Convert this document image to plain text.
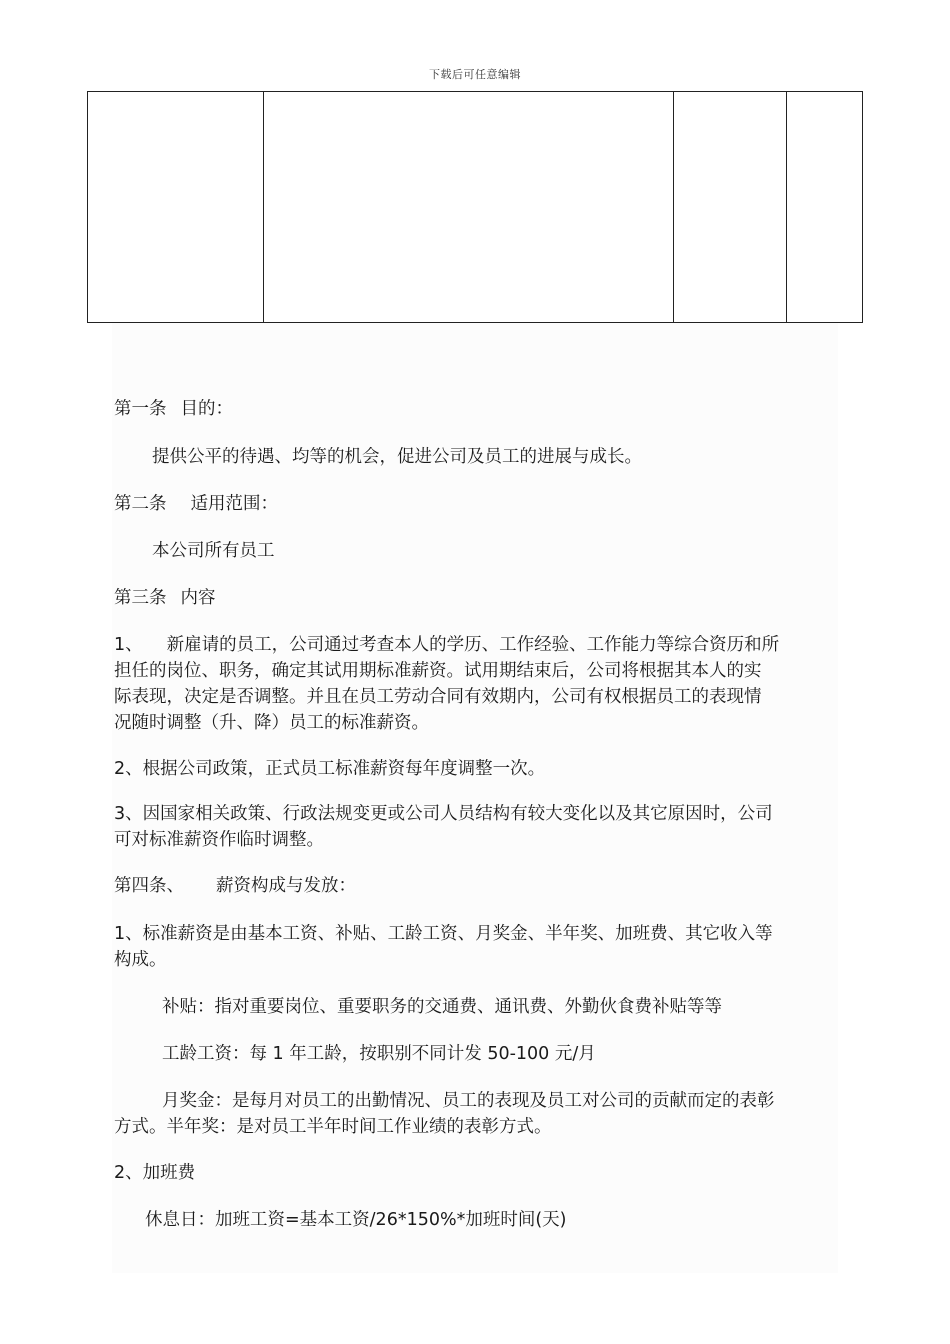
下载后可任意编辑
第一条 目的：
提供公平的待遇、均等的机会，促进公司及员工的进展与成长。
第二条 适用范围：
本公司所有员工
第三条 内容
1、 新雇请的员工，公司通过考查本人的学历、工作经验、工作能力等综合资历和所
担任的岗位、职务，确定其试用期标准薪资。试用期结束后，公司将根据其本人的实
际表现，决定是否调整。并且在员工劳动合同有效期内，公司有权根据员工的表现情
况随时调整（升、降）员工的标准薪资。
2、根据公司政策，正式员工标准薪资每年度调整一次。
3、因国家相关政策、行政法规变更或公司人员结构有较大变化以及其它原因时，公司
可对标准薪资作临时调整。
第四条、 薪资构成与发放：
1、标准薪资是由基本工资、补贴、工龄工资、月奖金、半年奖、加班费、其它收入等
构成。
补贴：指对重要岗位、重要职务的交通费、通讯费、外勤伙食费补贴等等
工龄工资：每 1 年工龄，按职别不同计发 50-100 元/月
月奖金：是每月对员工的出勤情况、员工的表现及员工对公司的贡献而定的表彰
方式。半年奖：是对员工半年时间工作业绩的表彰方式。
2、加班费
休息日：加班工资=基本工资/26*150%*加班时间(天)
